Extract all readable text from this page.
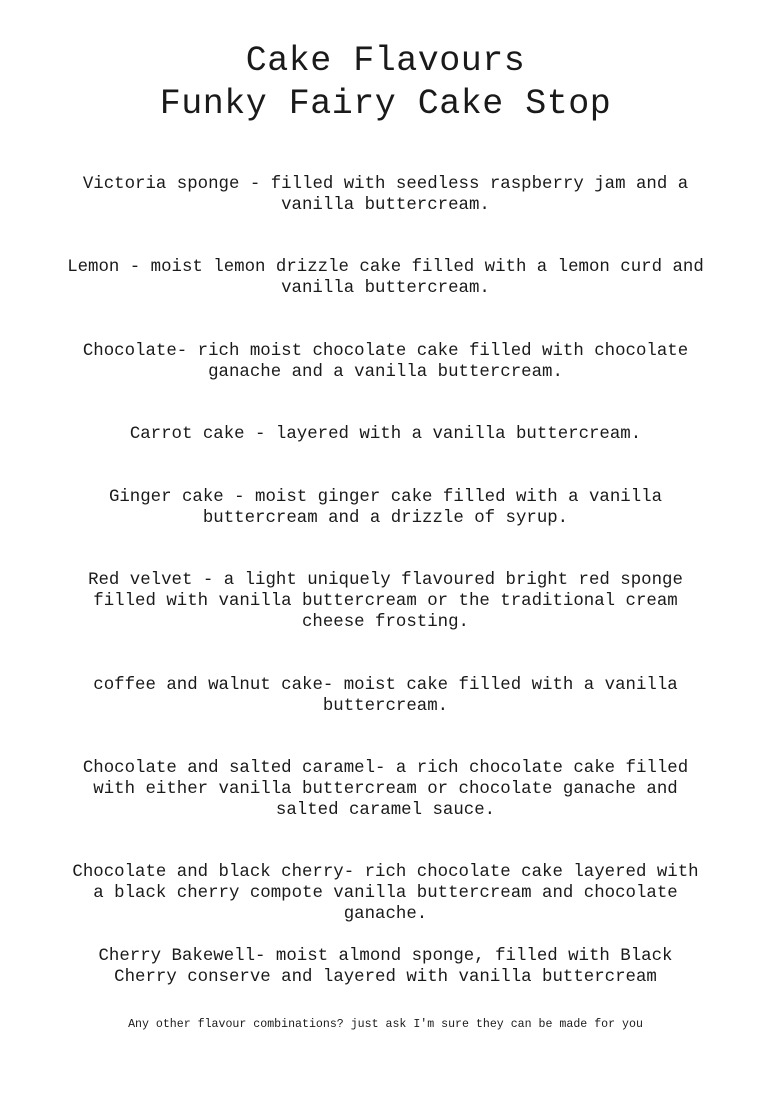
Cake Flavours
Funky Fairy Cake Stop

Victoria sponge - filled with seedless raspberry jam and a
vanilla buttercream.

Lemon - moist lemon drizzle cake filled with a lemon curd and
vanilla buttercream.

Chocolate- rich moist chocolate cake filled with chocolate
ganache and a vanilla buttercream.

Carrot cake - layered with a vanilla buttercream.

Ginger cake - moist ginger cake filled with a vanilla
buttercream and a drizzle of syrup.

Red velvet - a light uniquely flavoured bright red sponge
filled with vanilla buttercream or the traditional cream
cheese frosting.

coffee and walnut cake- moist cake filled with a vanilla
buttercream.

Chocolate and salted caramel- a rich chocolate cake filled
with either vanilla buttercream or chocolate ganache and
salted caramel sauce.

Chocolate and black cherry- rich chocolate cake layered with
a black cherry compote vanilla buttercream and chocolate
ganache.

Cherry Bakewell- moist almond sponge, filled with Black
Cherry conserve and layered with vanilla buttercream

Any other flavour combinations? just ask I'm sure they can be made for you
